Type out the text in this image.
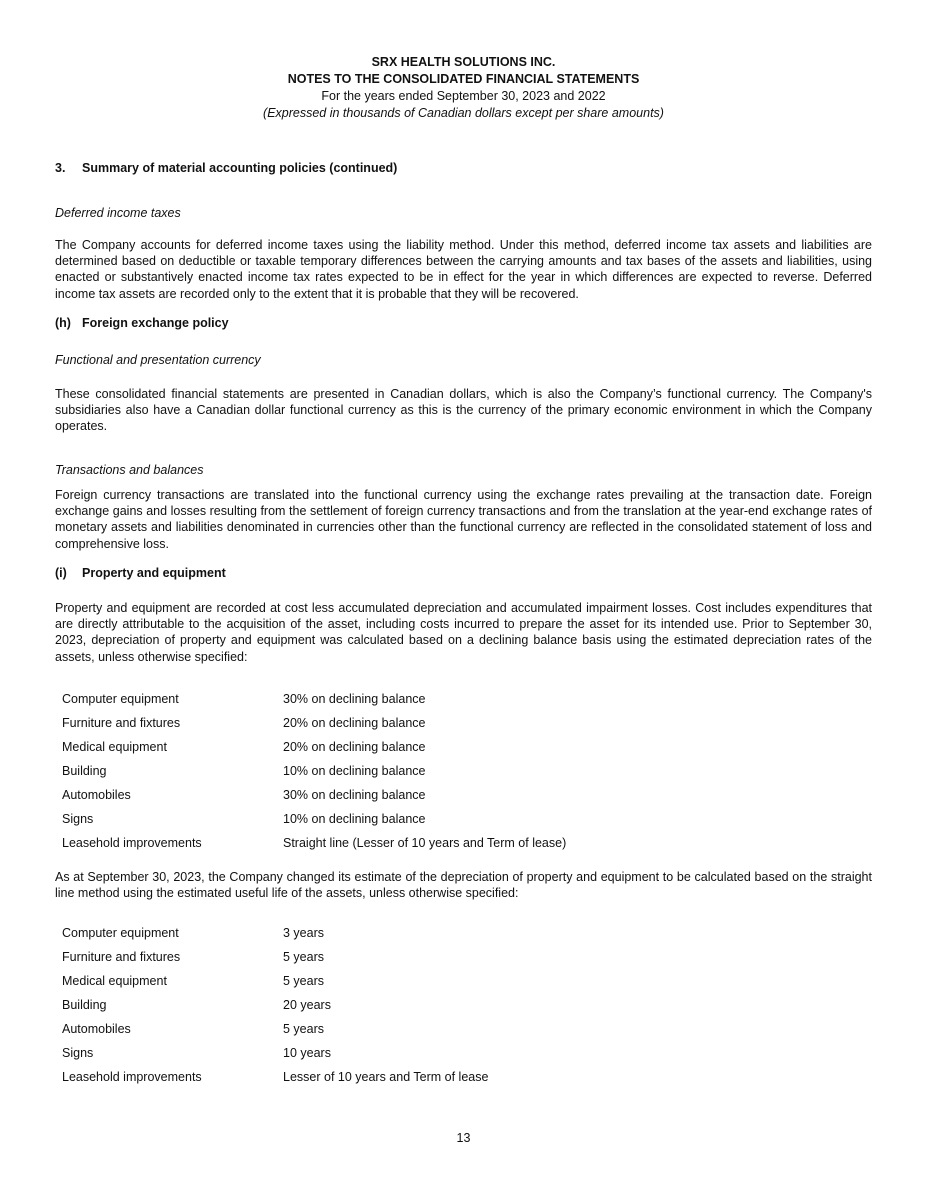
SRX HEALTH SOLUTIONS INC.
NOTES TO THE CONSOLIDATED FINANCIAL STATEMENTS
For the years ended September 30, 2023 and 2022
(Expressed in thousands of Canadian dollars except per share amounts)
3. Summary of material accounting policies (continued)
Deferred income taxes
The Company accounts for deferred income taxes using the liability method. Under this method, deferred income tax assets and liabilities are determined based on deductible or taxable temporary differences between the carrying amounts and tax bases of the assets and liabilities, using enacted or substantively enacted income tax rates expected to be in effect for the year in which differences are expected to reverse. Deferred income tax assets are recorded only to the extent that it is probable that they will be recovered.
(h) Foreign exchange policy
Functional and presentation currency
These consolidated financial statements are presented in Canadian dollars, which is also the Company’s functional currency. The Company's subsidiaries also have a Canadian dollar functional currency as this is the currency of the primary economic environment in which the Company operates.
Transactions and balances
Foreign currency transactions are translated into the functional currency using the exchange rates prevailing at the transaction date. Foreign exchange gains and losses resulting from the settlement of foreign currency transactions and from the translation at the year-end exchange rates of monetary assets and liabilities denominated in currencies other than the functional currency are reflected in the consolidated statement of loss and comprehensive loss.
(i) Property and equipment
Property and equipment are recorded at cost less accumulated depreciation and accumulated impairment losses. Cost includes expenditures that are directly attributable to the acquisition of the asset, including costs incurred to prepare the asset for its intended use. Prior to September 30, 2023, depreciation of property and equipment was calculated based on a declining balance basis using the estimated depreciation rates of the assets, unless otherwise specified:
Computer equipment	30% on declining balance
Furniture and fixtures	20% on declining balance
Medical equipment	20% on declining balance
Building	10% on declining balance
Automobiles	30% on declining balance
Signs	10% on declining balance
Leasehold improvements	Straight line (Lesser of 10 years and Term of lease)
As at September 30, 2023, the Company changed its estimate of the depreciation of property and equipment to be calculated based on the straight line method using the estimated useful life of the assets, unless otherwise specified:
Computer equipment	3 years
Furniture and fixtures	5 years
Medical equipment	5 years
Building	20 years
Automobiles	5 years
Signs	10 years
Leasehold improvements	Lesser of 10 years and Term of lease
13
